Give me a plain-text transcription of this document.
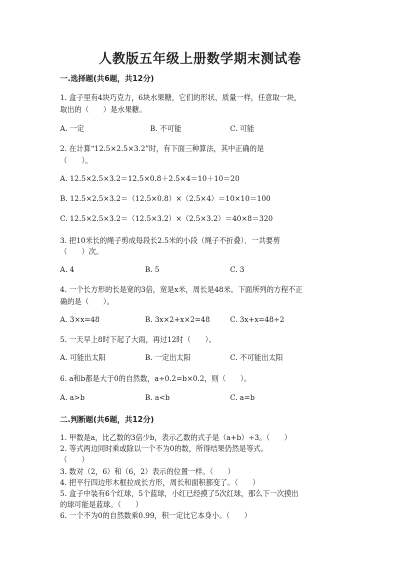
人教版五年级上册数学期末测试卷
一.选择题(共6题，共12分)
1. 盒子里有4块巧克力，6块水果糖，它们的形状、质量一样，任意取一块，
取出的（　　）是水果糖。
A. 一定	B. 不可能	C. 可能
2. 在计算“12.5×2.5×3.2”时，有下面三种算法，其中正确的是
（　　）。
A. 12.5×2.5×3.2＝12.5×0.8＋2.5×4＝10＋10＝20
B. 12.5×2.5×3.2＝（12.5×0.8）×（2.5×4）＝10×10＝100
C. 12.5×2.5×3.2＝（12.5×3.2）×（2.5×3.2）＝40×8＝320
3. 把10米长的绳子剪成每段长2.5米的小段（绳子不折叠）．一共要剪
（　　）次。
A. 4	B. 5	C. 3
4. 一个长方形的长是宽的3倍，宽是x米，周长是48米。下面所列的方程不正
确的是（　　）。
A. 3×x=48	B. 3x×2+x×2=48	C. 3x+x=48÷2
5. 一天早上8时下起了大雨，再过12时（　　）。
A. 可能出太阳	B. 一定出太阳	C. 不可能出太阳
6. a和b都是大于0的自然数，a÷0.2=b×0.2，则（　　）。
A. a>b	B. a<b	C. a=b
二.判断题(共6题，共12分)
1. 甲数是a，比乙数的3倍少b，表示乙数的式子是（a+b）÷3。（　　）
2. 等式两边同时乘或除以一个不为0的数，所得结果仍然是等式。
（　　）
3. 数对（2，6）和（6，2）表示的位置一样。（　　）
4. 把平行四边形木框拉成长方形，周长和面积都变了。（　　）
5. 盒子中装有6个红球，5个蓝球，小红已经摸了5次红球，那么下一次摸出
的球可能是蓝球。（　　）
6. 一个不为0的自然数乘0.99，积一定比它本身小。（　　）
